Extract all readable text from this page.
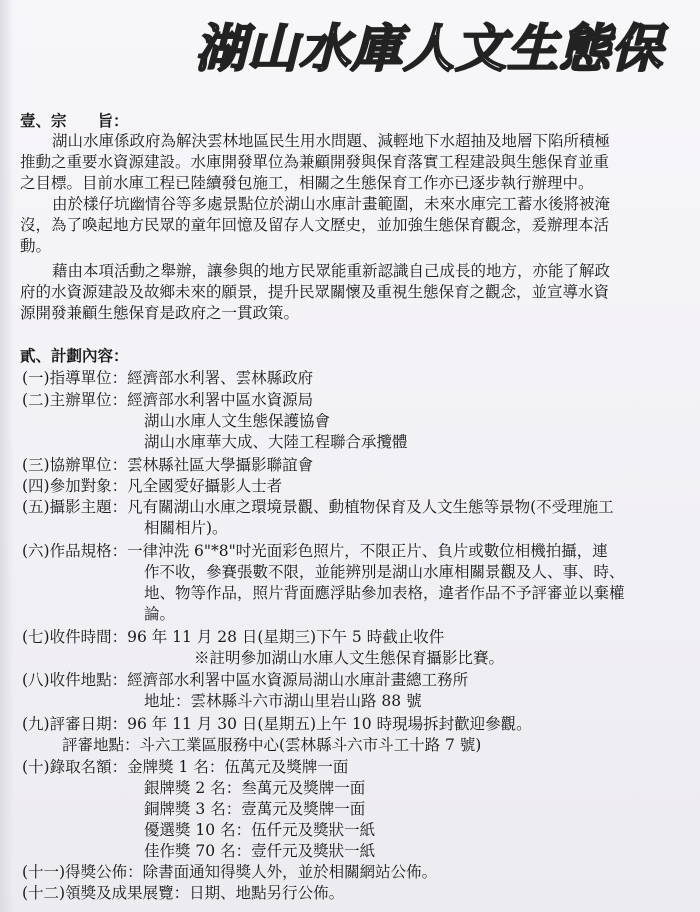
湖山水庫人文生態保
壹、宗　　旨：
湖山水庫係政府為解決雲林地區民生用水問題、減輕地下水超抽及地層下陷所積極
推動之重要水資源建設。水庫開發單位為兼顧開發與保育落實工程建設與生態保育並重
之目標。目前水庫工程已陸續發包施工，相關之生態保育工作亦已逐步執行辦理中。
由於樣仔坑幽情谷等多處景點位於湖山水庫計畫範圍，未來水庫完工蓄水後將被淹
沒，為了喚起地方民眾的童年回憶及留存人文歷史，並加強生態保育觀念，爰辦理本活
動。
藉由本項活動之舉辦，讓參與的地方民眾能重新認識自己成長的地方，亦能了解政
府的水資源建設及故鄉未來的願景，提升民眾關懷及重視生態保育之觀念，並宣導水資
源開發兼顧生態保育是政府之一貫政策。
貳、計劃內容：
(一)指導單位：經濟部水利署、雲林縣政府
(二)主辦單位：經濟部水利署中區水資源局
湖山水庫人文生態保護協會
湖山水庫華大成、大陸工程聯合承攬體
(三)協辦單位：雲林縣社區大學攝影聯誼會
(四)參加對象：凡全國愛好攝影人士者
(五)攝影主題：凡有關湖山水庫之環境景觀、動植物保育及人文生態等景物(不受理施工
相關相片)。
(六)作品規格：一律沖洗 6"*8"吋光面彩色照片，不限正片、負片或數位相機拍攝，連
作不收，參賽張數不限，並能辨別是湖山水庫相關景觀及人、事、時、
地、物等作品，照片背面應浮貼參加表格，違者作品不予評審並以棄權
論。
(七)收件時間：96 年 11 月 28 日(星期三)下午 5 時截止收件
※註明參加湖山水庫人文生態保育攝影比賽。
(八)收件地點：經濟部水利署中區水資源局湖山水庫計畫總工務所
地址：雲林縣斗六市湖山里岩山路 88 號
(九)評審日期：96 年 11 月 30 日(星期五)上午 10 時現場拆封歡迎參觀。
評審地點：斗六工業區服務中心(雲林縣斗六市斗工十路 7 號)
(十)錄取名額：金牌獎 1 名：伍萬元及獎牌一面
銀牌獎 2 名：叁萬元及獎牌一面
銅牌獎 3 名：壹萬元及獎牌一面
優選獎 10 名：伍仟元及獎狀一紙
佳作獎 70 名：壹仟元及獎狀一紙
(十一)得獎公佈：除書面通知得獎人外，並於相關網站公佈。
(十二)領獎及成果展覽：日期、地點另行公佈。
